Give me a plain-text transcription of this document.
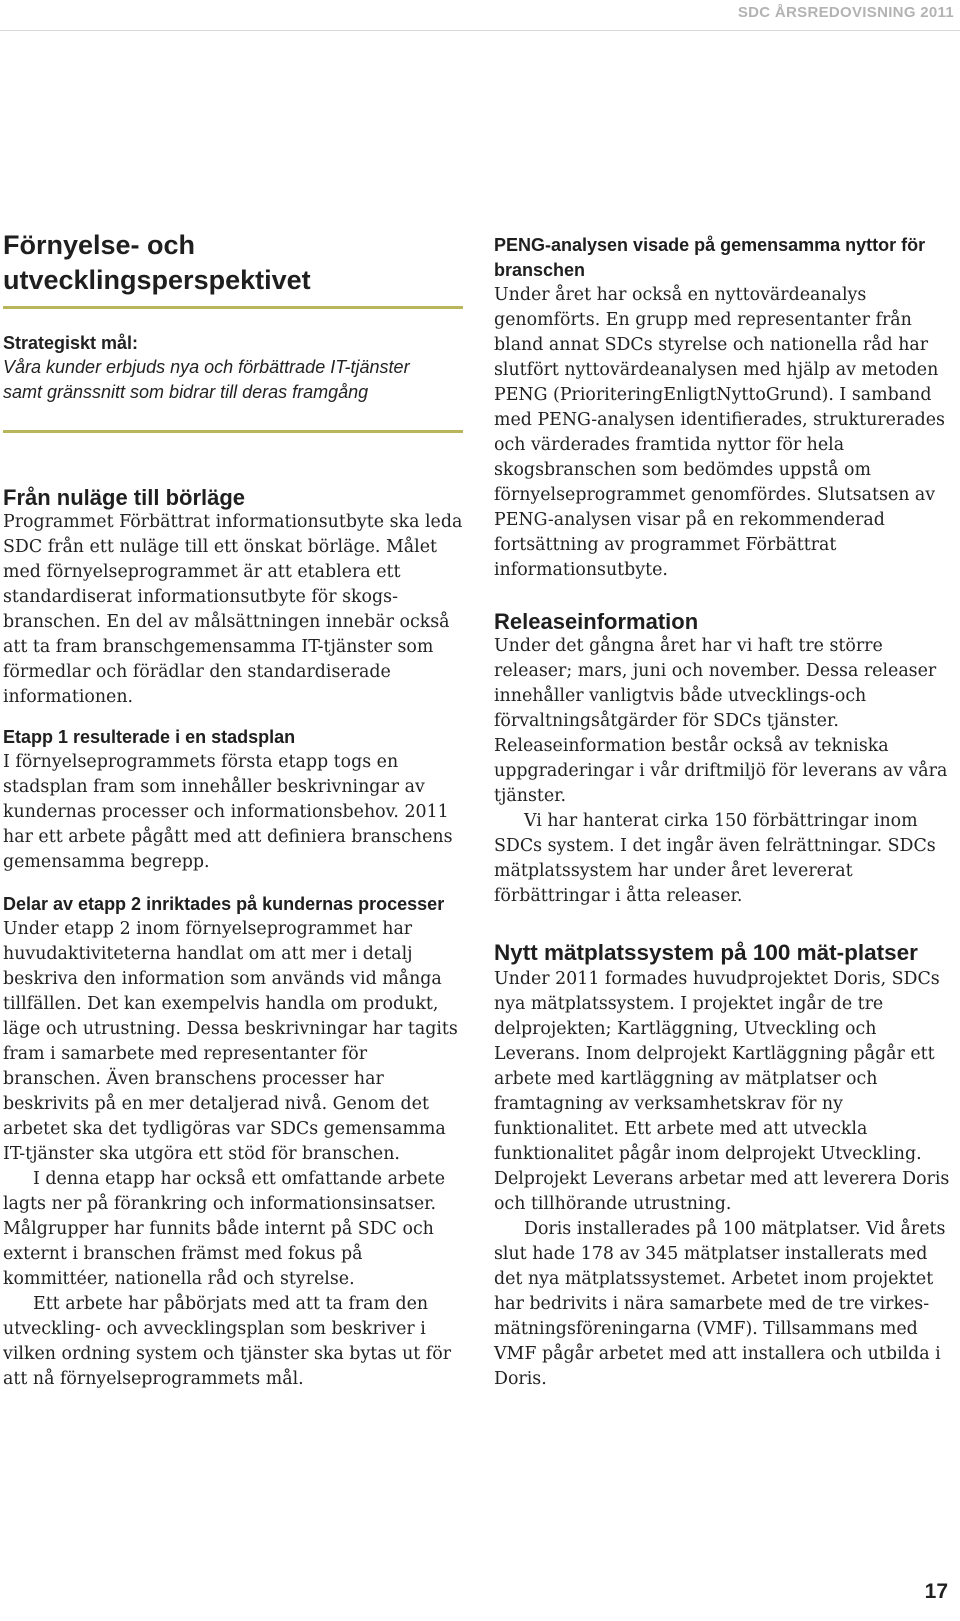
SDC ÅRSREDOVISNING 2011
Förnyelse- och utvecklingsperspektivet
Strategiskt mål:
Våra kunder erbjuds nya och förbättrade IT-tjänster samt gränssnitt som bidrar till deras framgång
Från nuläge till börläge

Programmet Förbättrat informationsutbyte ska leda SDC från ett nuläge till ett önskat börläge. Målet med förnyelseprogrammet är att etablera ett standardiserat informationsutbyte för skogs-branschen. En del av målsättningen innebär också att ta fram branschgemensamma IT-tjänster som förmedlar och förädlar den standardiserade informationen.

Etapp 1 resulterade i en stadsplan

I förnyelseprogrammets första etapp togs en stadsplan fram som innehåller beskrivningar av kundernas processer och informationsbehov. 2011 har ett arbete pågått med att definiera branschens gemensamma begrepp.

Delar av etapp 2 inriktades på kundernas processer

Under etapp 2 inom förnyelseprogrammet har huvudaktiviteterna handlat om att mer i detalj beskriva den information som används vid många tillfällen. Det kan exempelvis handla om produkt, läge och utrustning. Dessa beskrivningar har tagits fram i samarbete med representanter för branschen. Även branschens processer har beskrivits på en mer detaljerad nivå. Genom det arbetet ska det tydligöras var SDCs gemensamma IT-tjänster ska utgöra ett stöd för branschen.

I denna etapp har också ett omfattande arbete lagts ner på förankring och informationsinsatser. Målgrupper har funnits både internt på SDC och externt i branschen främst med fokus på kommittéer, nationella råd och styrelse.

Ett arbete har påbörjats med att ta fram den utveckling- och avvecklingsplan som beskriver i vilken ordning system och tjänster ska bytas ut för att nå förnyelseprogrammets mål.

PENG-analysen visade på gemensamma nyttor för branschen

Under året har också en nyttovärdeanalys genomförts. En grupp med representanter från bland annat SDCs styrelse och nationella råd har slutfört nyttovärdeanalysen med hjälp av metoden PENG (PrioriteringEnligtNyttoGrund). I samband med PENG-analysen identifierades, strukturerades och värderades framtida nyttor för hela skogsbranschen som bedömdes uppstå om förnyelseprogrammet genomfördes. Slutsatsen av PENG-analysen visar på en rekommenderad fortsättning av programmet Förbättrat informationsutbyte.

Releaseinformation

Under det gångna året har vi haft tre större releaser; mars, juni och november. Dessa releaser innehåller vanligtvis både utvecklings-och förvaltningsåtgärder för SDCs tjänster. Releaseinformation består också av tekniska uppgraderingar i vår driftmiljö för leverans av våra tjänster.

Vi har hanterat cirka 150 förbättringar inom SDCs system. I det ingår även felrättningar. SDCs mätplatssystem har under året levererat förbättringar i åtta releaser.

Nytt mätplatssystem på 100 mät-platser

Under 2011 formades huvudprojektet Doris, SDCs nya mätplatssystem. I projektet ingår de tre delprojekten; Kartläggning, Utveckling och Leverans. Inom delprojekt Kartläggning pågår ett arbete med kartläggning av mätplatser och framtagning av verksamhetskrav för ny funktionalitet. Ett arbete med att utveckla funktionalitet pågår inom delprojekt Utveckling. Delprojekt Leverans arbetar med att leverera Doris och tillhörande utrustning.

Doris installerades på 100 mätplatser. Vid årets slut hade 178 av 345 mätplatser installerats med det nya mätplatssystemet. Arbetet inom projektet har bedrivits i nära samarbete med de tre virkes-mätningsföreningarna (VMF). Tillsammans med VMF pågår arbetet med att installera och utbilda i Doris.

17
